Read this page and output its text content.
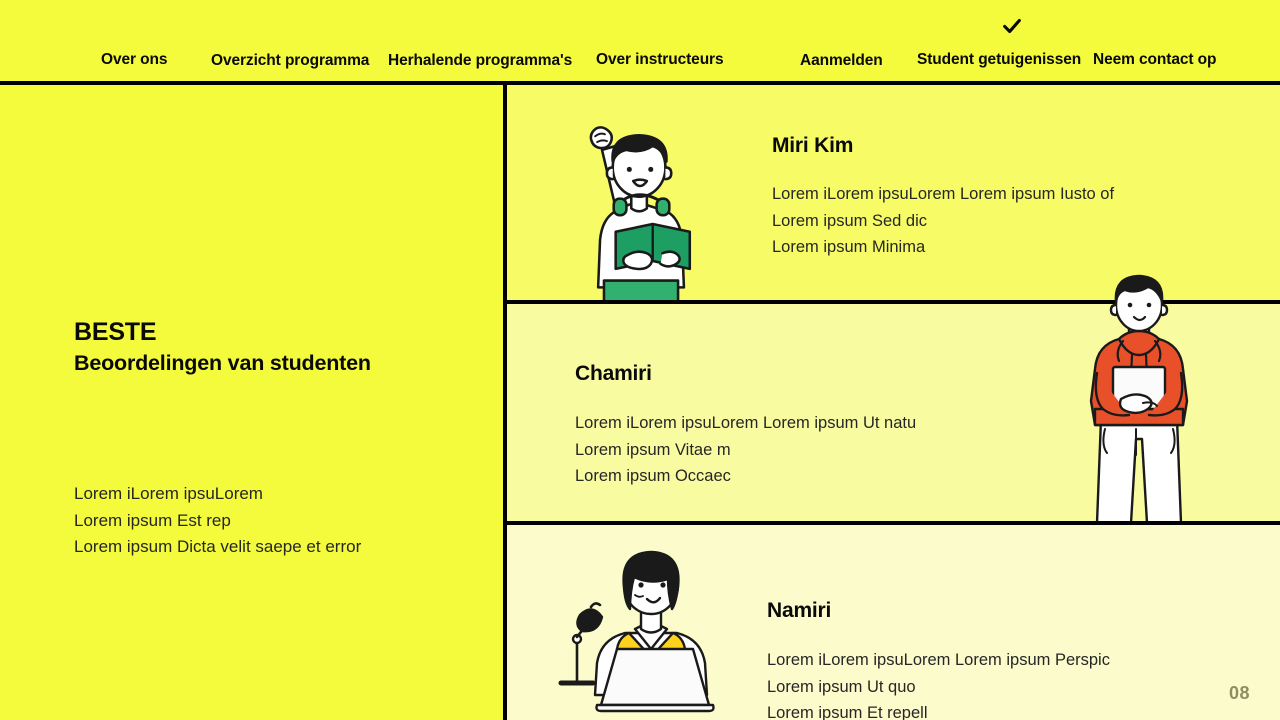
Over ons	Overzicht programma Herhalende programma's Over instructeurs	Aanmelden Student getuigenissen Neem contact op
BESTE
Beoordelingen van studenten
Lorem iLorem ipsuLorem
Lorem ipsum Est rep
Lorem ipsum Dicta velit saepe et error
Miri Kim
Lorem iLorem ipsuLorem Lorem ipsum Iusto of
Lorem ipsum Sed dic
Lorem ipsum Minima
Chamiri
Lorem iLorem ipsuLorem Lorem ipsum Ut natu
Lorem ipsum Vitae m
Lorem ipsum Occaec
Namiri
Lorem iLorem ipsuLorem Lorem ipsum Perspic
Lorem ipsum Ut quo
Lorem ipsum Et repell
08
